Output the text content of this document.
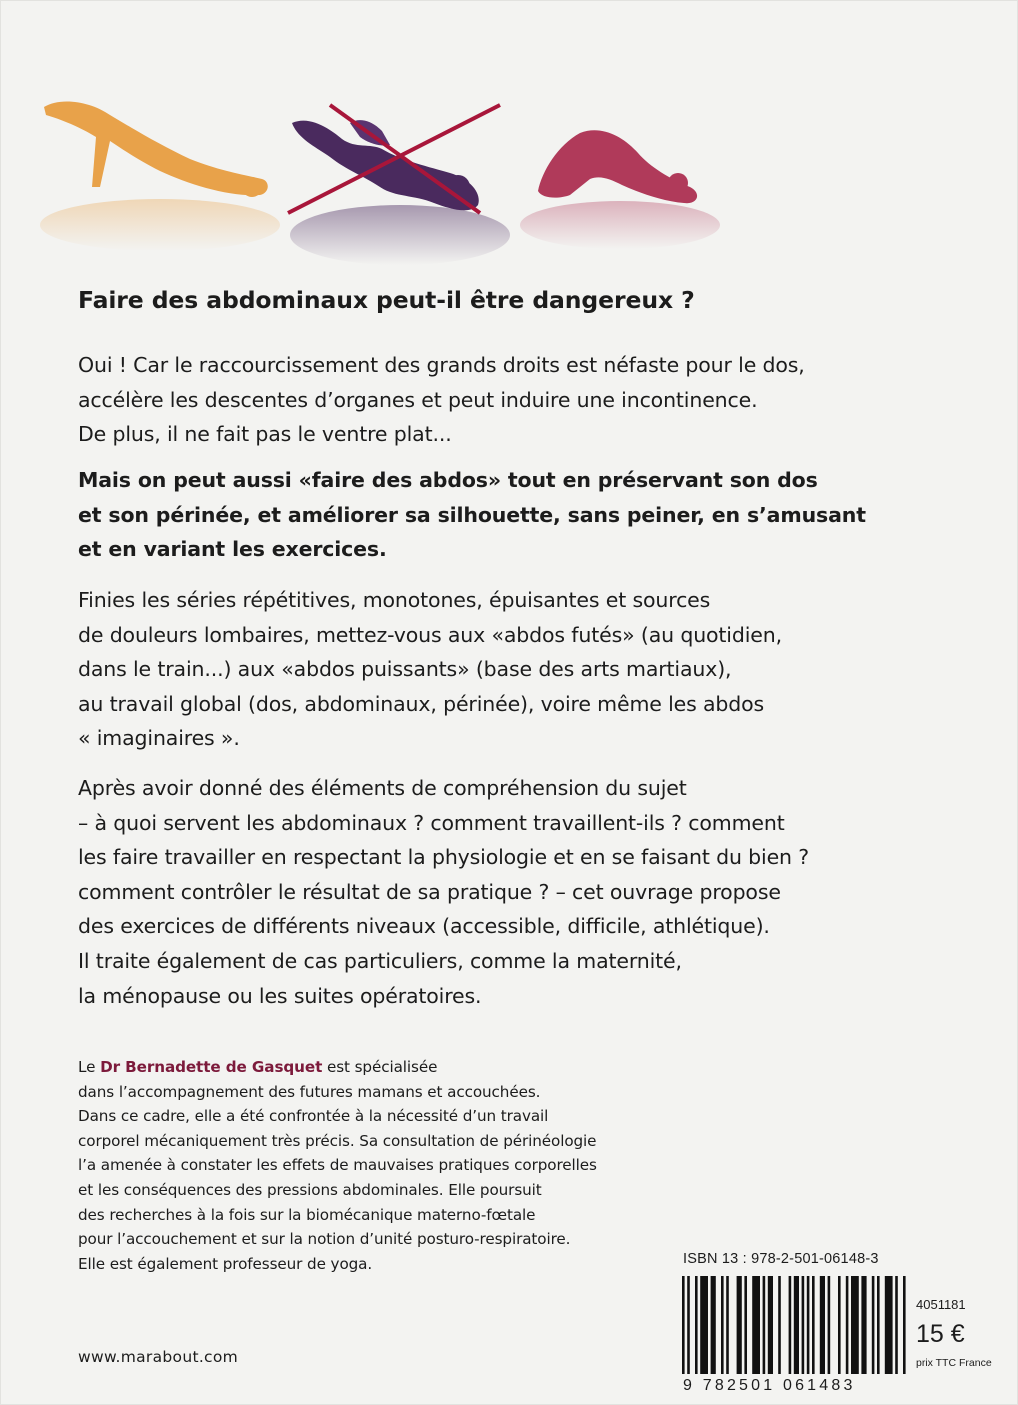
Faire des abdominaux peut-il être dangereux ?
Oui ! Car le raccourcissement des grands droits est néfaste pour le dos,
accélère les descentes d’organes et peut induire une incontinence.
De plus, il ne fait pas le ventre plat...
Mais on peut aussi «faire des abdos» tout en préservant son dos
et son périnée, et améliorer sa silhouette, sans peiner, en s’amusant
et en variant les exercices.
Finies les séries répétitives, monotones, épuisantes et sources
de douleurs lombaires, mettez-vous aux «abdos futés» (au quotidien,
dans le train...) aux «abdos puissants» (base des arts martiaux),
au travail global (dos, abdominaux, périnée), voire même les abdos
« imaginaires ».
Après avoir donné des éléments de compréhension du sujet
– à quoi servent les abdominaux ? comment travaillent-ils ? comment
les faire travailler en respectant la physiologie et en se faisant du bien ?
comment contrôler le résultat de sa pratique ? – cet ouvrage propose
des exercices de différents niveaux (accessible, difficile, athlétique).
Il traite également de cas particuliers, comme la maternité,
la ménopause ou les suites opératoires.
Le Dr Bernadette de Gasquet est spécialisée
dans l’accompagnement des futures mamans et accouchées.
Dans ce cadre, elle a été confrontée à la nécessité d’un travail
corporel mécaniquement très précis. Sa consultation de périnéologie
l’a amenée à constater les effets de mauvaises pratiques corporelles
et les conséquences des pressions abdominales. Elle poursuit
des recherches à la fois sur la biomécanique materno-fœtale
pour l’accouchement et sur la notion d’unité posturo-respiratoire.
Elle est également professeur de yoga.
www.marabout.com
ISBN 13 : 978-2-501-06148-3
9 782501 061483
4051181
15 €
prix TTC France
